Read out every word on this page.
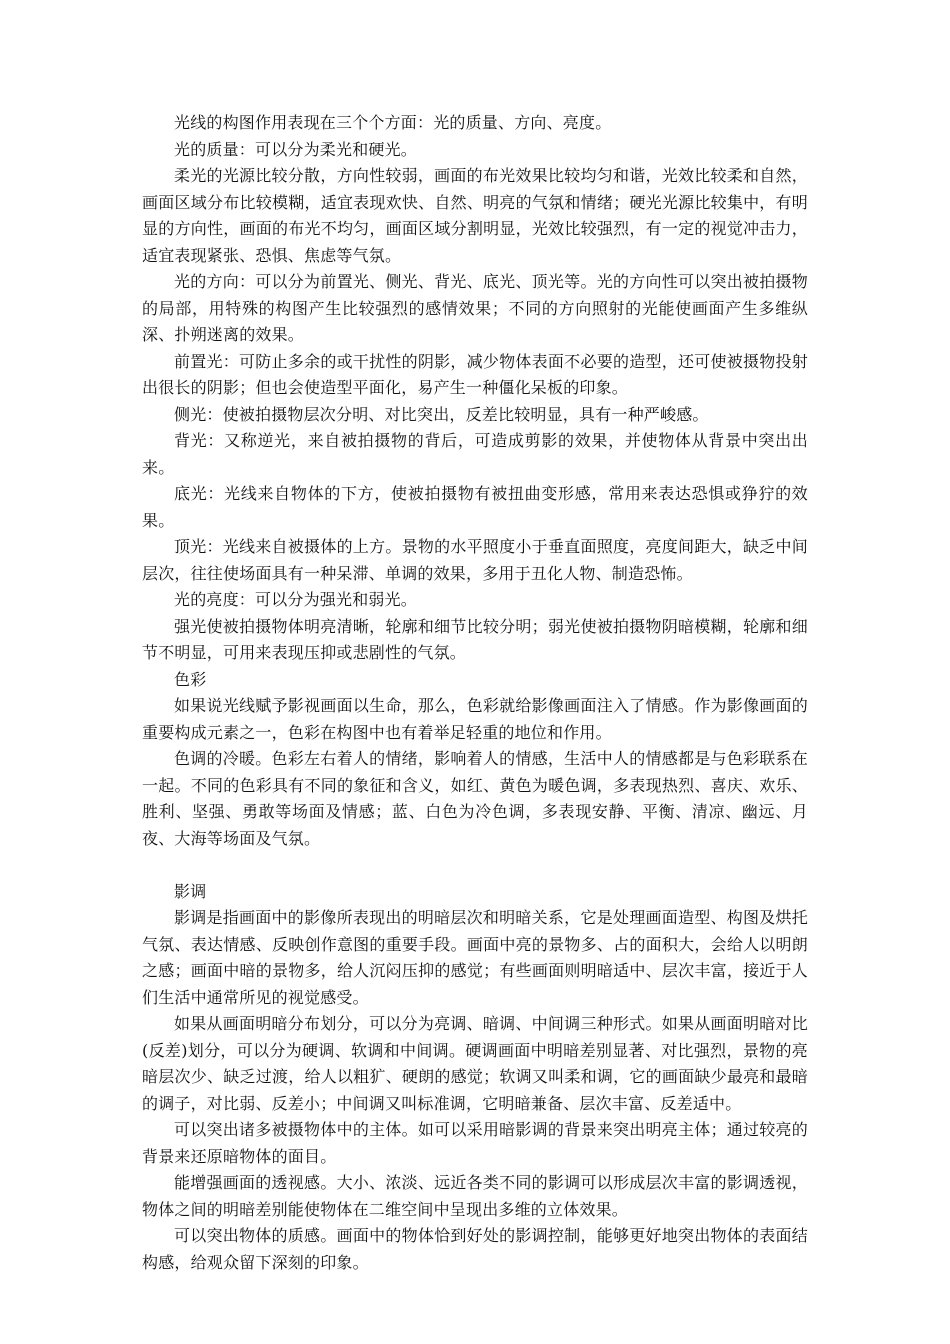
光线的构图作用表现在三个个方面：光的质量、方向、亮度。

光的质量：可以分为柔光和硬光。

柔光的光源比较分散，方向性较弱，画面的布光效果比较均匀和谐，光效比较柔和自然，画面区域分布比较模糊，适宜表现欢快、自然、明亮的气氛和情绪；硬光光源比较集中，有明显的方向性，画面的布光不均匀，画面区域分割明显，光效比较强烈，有一定的视觉冲击力，适宜表现紧张、恐惧、焦虑等气氛。

光的方向：可以分为前置光、侧光、背光、底光、顶光等。光的方向性可以突出被拍摄物的局部，用特殊的构图产生比较强烈的感情效果；不同的方向照射的光能使画面产生多维纵深、扑朔迷离的效果。

前置光：可防止多余的或干扰性的阴影，减少物体表面不必要的造型，还可使被摄物投射出很长的阴影；但也会使造型平面化，易产生一种僵化呆板的印象。

侧光：使被拍摄物层次分明、对比突出，反差比较明显，具有一种严峻感。

背光：又称逆光，来自被拍摄物的背后，可造成剪影的效果，并使物体从背景中突出出来。

底光：光线来自物体的下方，使被拍摄物有被扭曲变形感，常用来表达恐惧或狰狞的效果。

顶光：光线来自被摄体的上方。景物的水平照度小于垂直面照度，亮度间距大，缺乏中间层次，往往使场面具有一种呆滞、单调的效果，多用于丑化人物、制造恐怖。

光的亮度：可以分为强光和弱光。

强光使被拍摄物体明亮清晰，轮廓和细节比较分明；弱光使被拍摄物阴暗模糊，轮廓和细节不明显，可用来表现压抑或悲剧性的气氛。

色彩

如果说光线赋予影视画面以生命，那么，色彩就给影像画面注入了情感。作为影像画面的重要构成元素之一，色彩在构图中也有着举足轻重的地位和作用。

色调的冷暖。色彩左右着人的情绪，影响着人的情感，生活中人的情感都是与色彩联系在一起。不同的色彩具有不同的象征和含义，如红、黄色为暖色调，多表现热烈、喜庆、欢乐、胜利、坚强、勇敢等场面及情感；蓝、白色为冷色调，多表现安静、平衡、清凉、幽远、月夜、大海等场面及气氛。

影调

影调是指画面中的影像所表现出的明暗层次和明暗关系，它是处理画面造型、构图及烘托气氛、表达情感、反映创作意图的重要手段。画面中亮的景物多、占的面积大，会给人以明朗之感；画面中暗的景物多，给人沉闷压抑的感觉；有些画面则明暗适中、层次丰富，接近于人们生活中通常所见的视觉感受。

如果从画面明暗分布划分，可以分为亮调、暗调、中间调三种形式。如果从画面明暗对比(反差)划分，可以分为硬调、软调和中间调。硬调画面中明暗差别显著、对比强烈，景物的亮暗层次少、缺乏过渡，给人以粗犷、硬朗的感觉；软调又叫柔和调，它的画面缺少最亮和最暗的调子，对比弱、反差小；中间调又叫标准调，它明暗兼备、层次丰富、反差适中。

可以突出诸多被摄物体中的主体。如可以采用暗影调的背景来突出明亮主体；通过较亮的背景来还原暗物体的面目。

能增强画面的透视感。大小、浓淡、远近各类不同的影调可以形成层次丰富的影调透视，物体之间的明暗差别能使物体在二维空间中呈现出多维的立体效果。

可以突出物体的质感。画面中的物体恰到好处的影调控制，能够更好地突出物体的表面结构感，给观众留下深刻的印象。
